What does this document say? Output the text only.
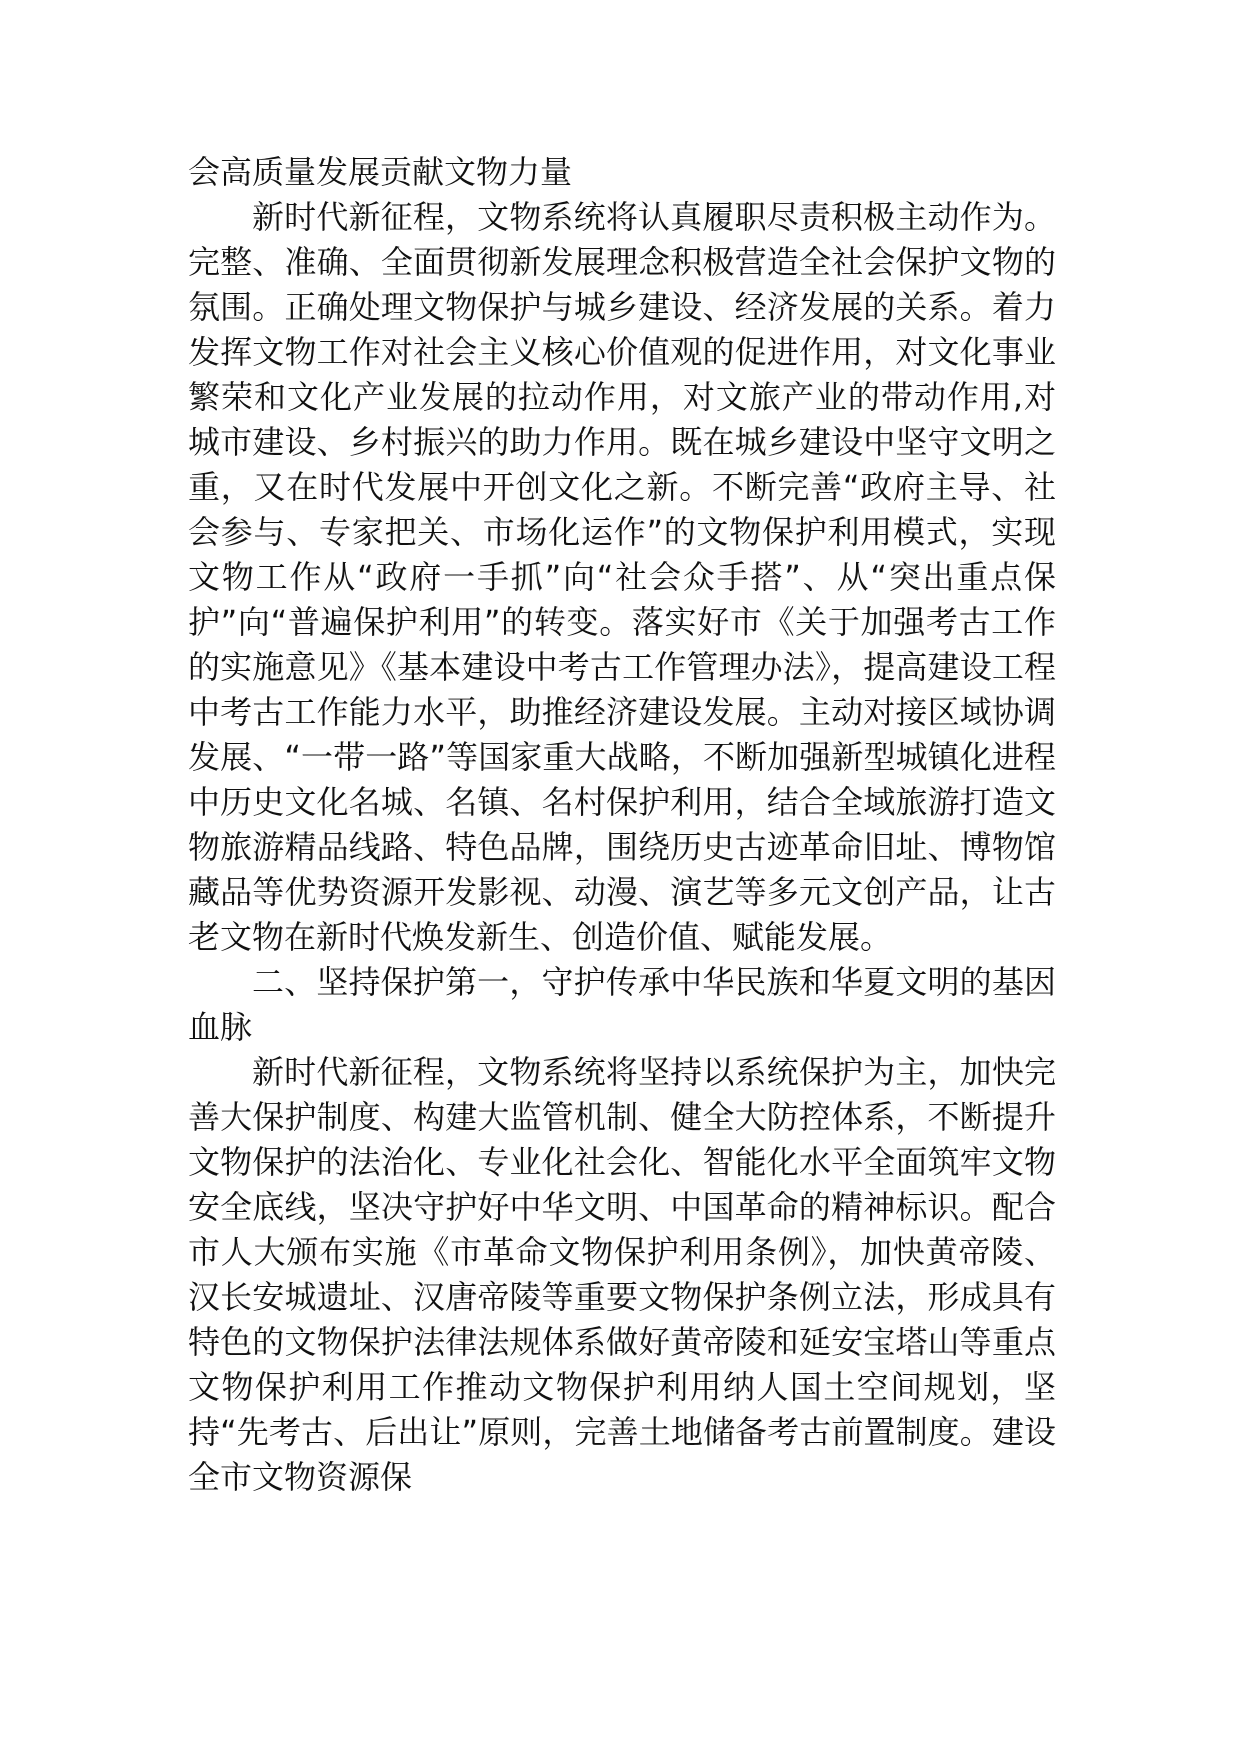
会高质量发展贡献文物力量

新时代新征程，文物系统将认真履职尽责积极主动作为。完整、准确、全面贯彻新发展理念积极营造全社会保护文物的氛围。正确处理文物保护与城乡建设、经济发展的关系。着力发挥文物工作对社会主义核心价值观的促进作用，对文化事业繁荣和文化产业发展的拉动作用，对文旅产业的带动作用,对城市建设、乡村振兴的助力作用。既在城乡建设中坚守文明之重，又在时代发展中开创文化之新。不断完善“政府主导、社会参与、专家把关、市场化运作”的文物保护利用模式，实现文物工作从“政府一手抓”向“社会众手搭”、从“突出重点保护”向“普遍保护利用”的转变。落实好市《关于加强考古工作的实施意见》《基本建设中考古工作管理办法》，提高建设工程中考古工作能力水平，助推经济建设发展。主动对接区域协调发展、“一带一路”等国家重大战略，不断加强新型城镇化进程中历史文化名城、名镇、名村保护利用，结合全域旅游打造文物旅游精品线路、特色品牌，围绕历史古迹革命旧址、博物馆藏品等优势资源开发影视、动漫、演艺等多元文创产品，让古老文物在新时代焕发新生、创造价值、赋能发展。

二、坚持保护第一，守护传承中华民族和华夏文明的基因血脉

新时代新征程，文物系统将坚持以系统保护为主，加快完善大保护制度、构建大监管机制、健全大防控体系，不断提升文物保护的法治化、专业化社会化、智能化水平全面筑牢文物安全底线，坚决守护好中华文明、中国革命的精神标识。配合市人大颁布实施《市革命文物保护利用条例》，加快黄帝陵、汉长安城遗址、汉唐帝陵等重要文物保护条例立法，形成具有特色的文物保护法律法规体系做好黄帝陵和延安宝塔山等重点文物保护利用工作推动文物保护利用纳人国土空间规划，坚持“先考古、后出让”原则，完善土地储备考古前置制度。建设全市文物资源保
